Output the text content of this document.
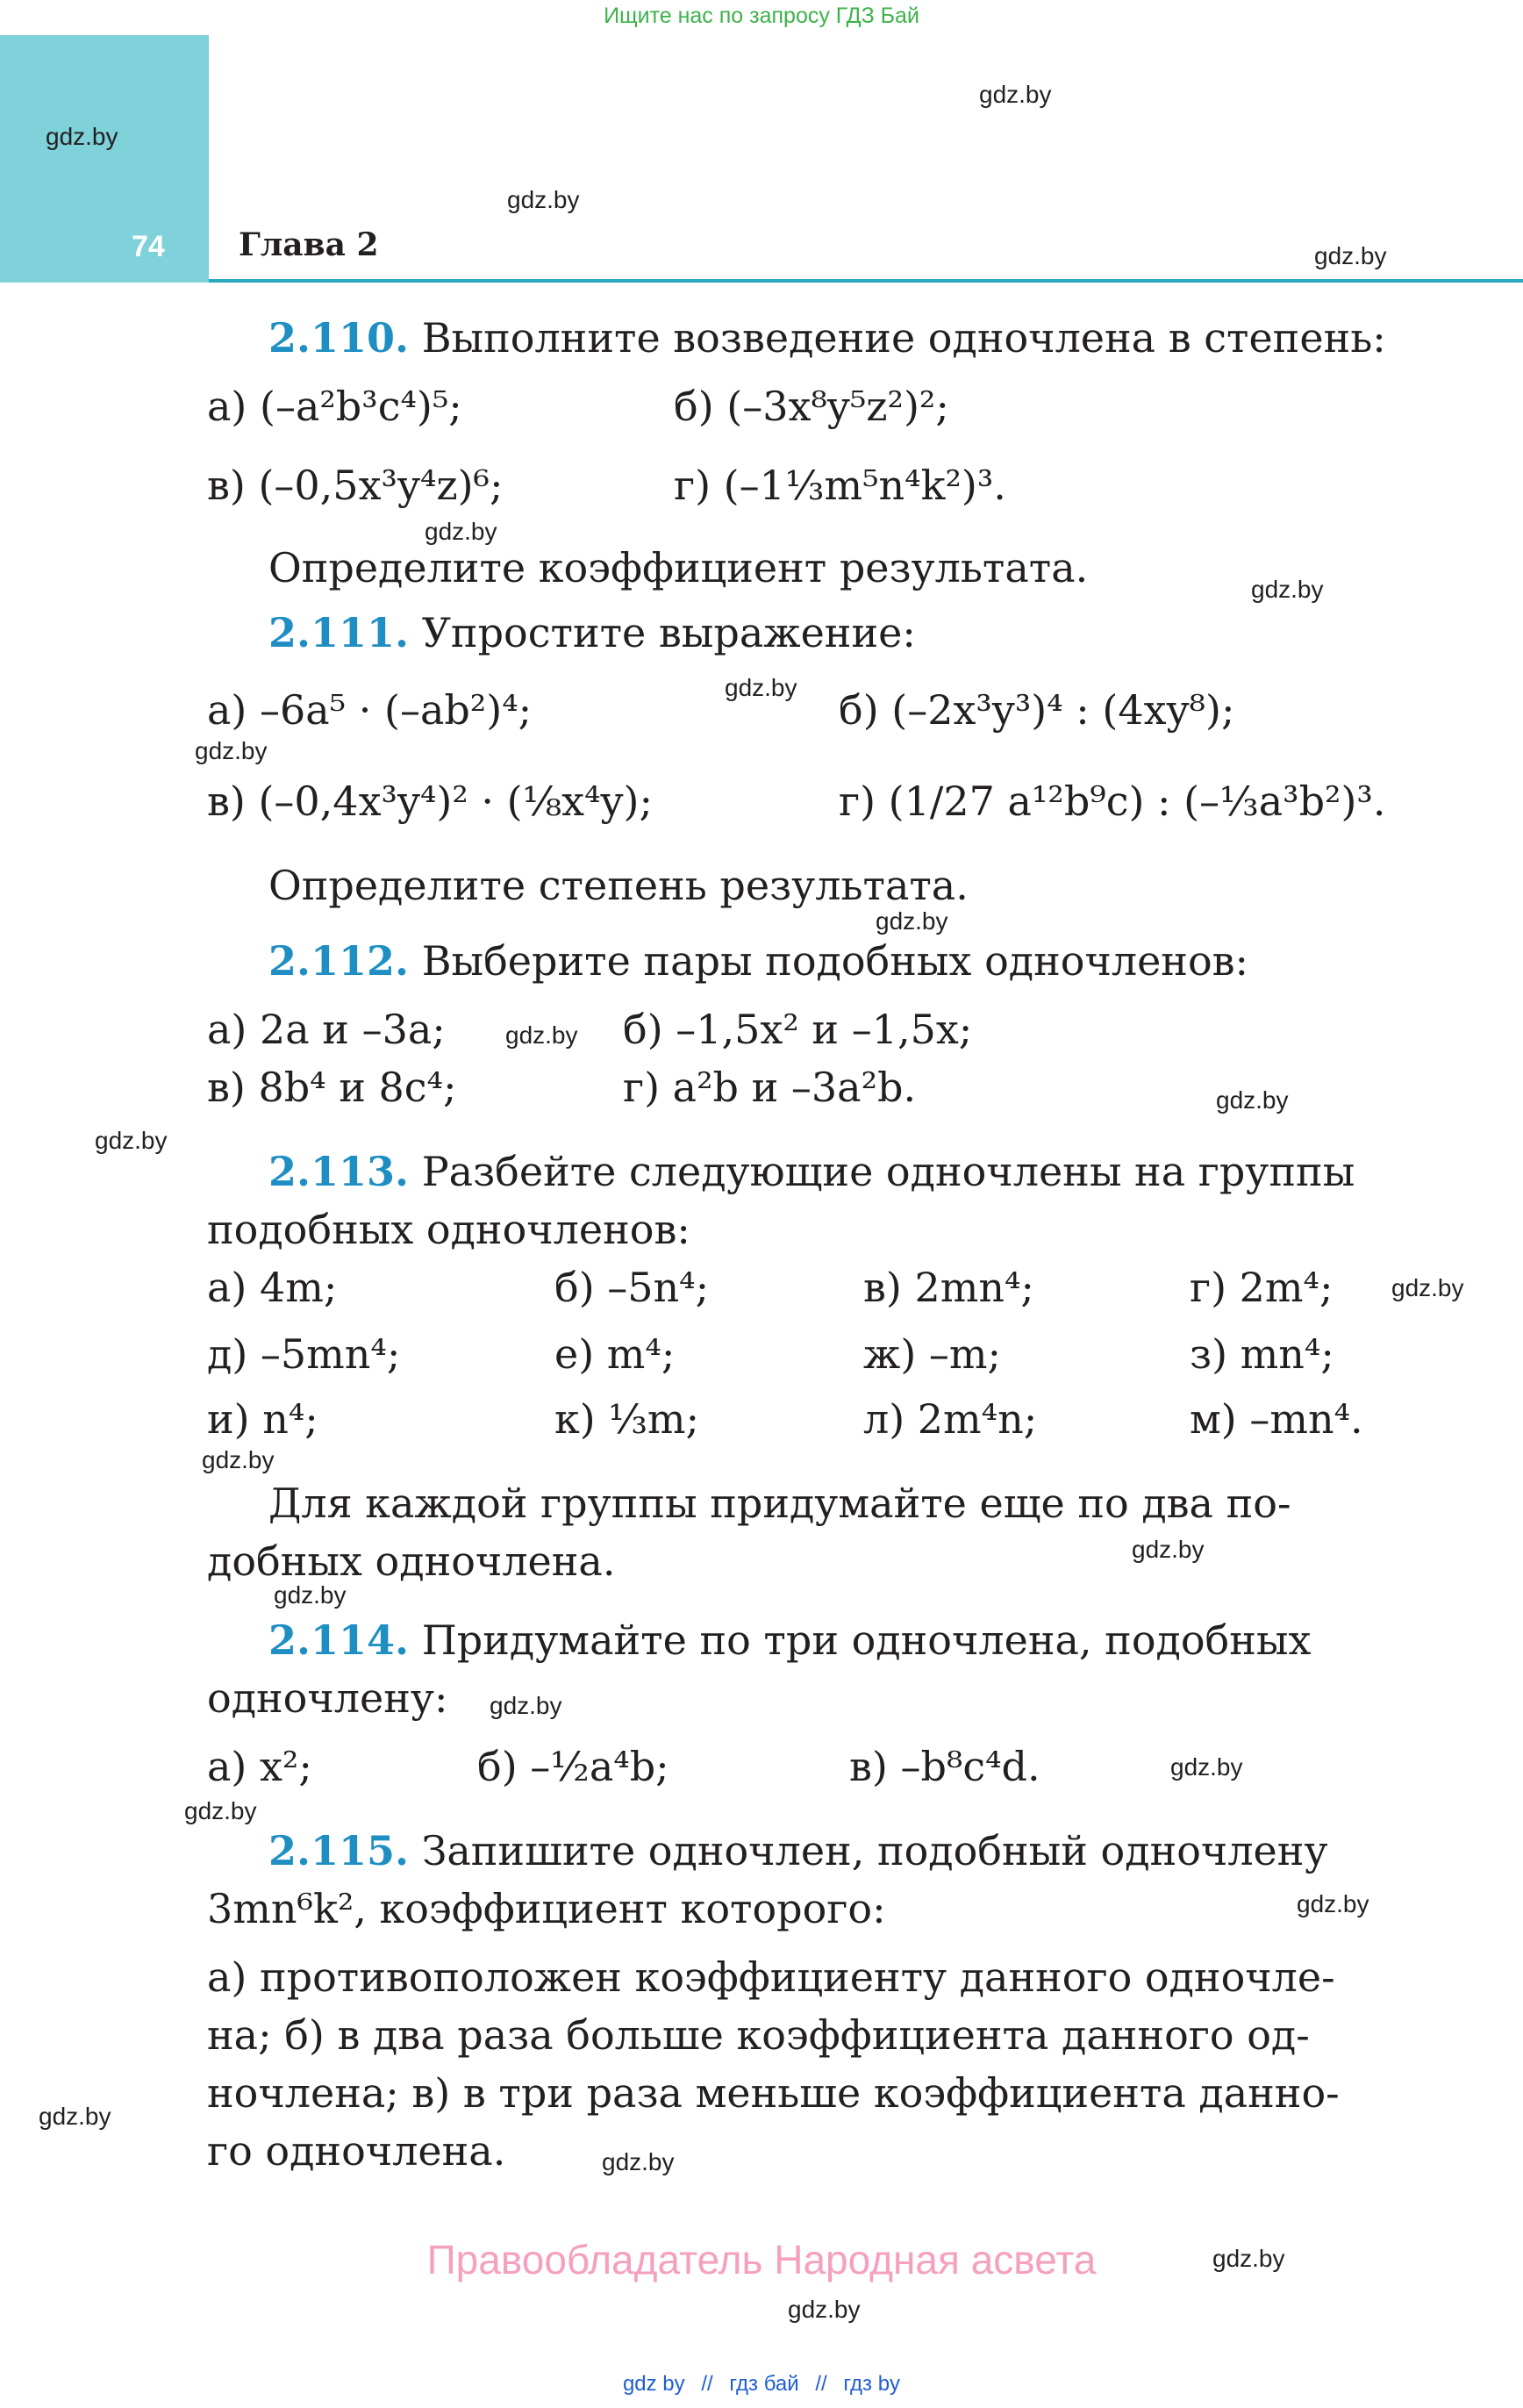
Ищите нас по запросу ГДЗ Бай
74 Глава 2
gdz.by
gdz.by
gdz.by
gdz.by
gdz.by
gdz.by
gdz.by
gdz.by
gdz.by
gdz.by
gdz.by
gdz.by
gdz.by
gdz.by
gdz.by
gdz.by
gdz.by
gdz.by
gdz.by
gdz.by
gdz.by
gdz.by
gdz.by
gdz.by
2.110. Выполните возведение одночлена в степень:
а) (–a²b³c⁴)⁵;	б) (–3x⁸y⁵z²)²;
в) (–0,5x³y⁴z)⁶;	г) (–1⅓m⁵n⁴k²)³.
Определите коэффициент результата.
2.111. Упростите выражение:
а) –6a⁵ · (–ab²)⁴;	б) (–2x³y³)⁴ : (4xy⁸);
в) (–0,4x³y⁴)² · (⅛x⁴y);	г) (1/27 a¹²b⁹c) : (–⅓a³b²)³.
Определите степень результата.
2.112. Выберите пары подобных одночленов:
а) 2a и –3a;	б) –1,5x² и –1,5x;
в) 8b⁴ и 8c⁴;	г) a²b и –3a²b.
2.113. Разбейте следующие одночлены на группы
подобных одночленов:
а) 4m;	б) –5n⁴;	в) 2mn⁴;	г) 2m⁴;
д) –5mn⁴;	е) m⁴;	ж) –m;	з) mn⁴;
и) n⁴;	к) ⅓m;	л) 2m⁴n;	м) –mn⁴.
Для каждой группы придумайте еще по два по-
добных одночлена.
2.114. Придумайте по три одночлена, подобных
одночлену:
а) x²;	б) –½a⁴b;	в) –b⁸c⁴d.
2.115. Запишите одночлен, подобный одночлену
3mn⁶k², коэффициент которого:
а) противоположен коэффициенту данного одночле-
на; б) в два раза больше коэффициента данного од-
ночлена; в) в три раза меньше коэффициента данно-
го одночлена.
Правообладатель Народная асвета
gdz by // гдз бай // гдз by
